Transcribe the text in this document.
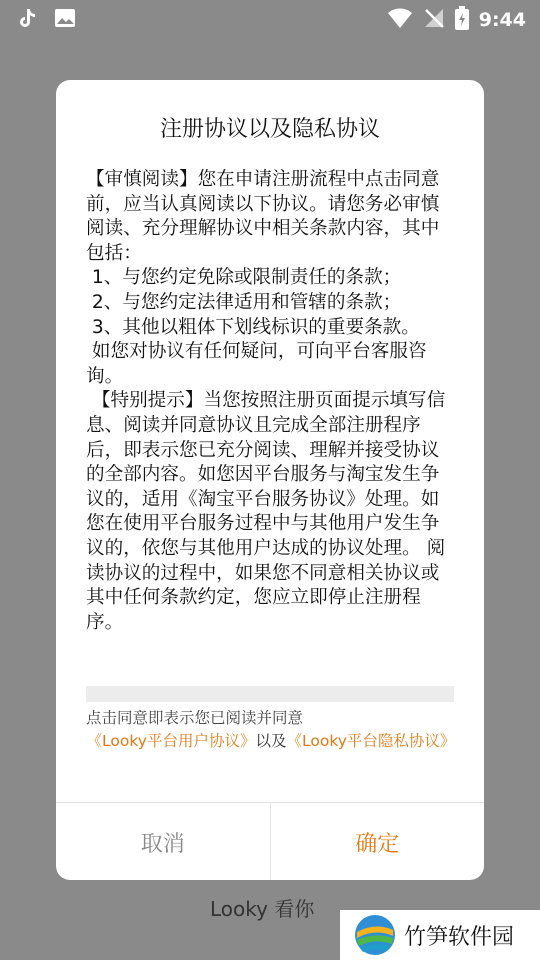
9:44
Looky 看你
注册协议以及隐私协议
【审慎阅读】您在申请注册流程中点击同意前，应当认真阅读以下协议。请您务必审慎阅读、充分理解协议中相关条款内容，其中包括：
1、与您约定免除或限制责任的条款；
2、与您约定法律适用和管辖的条款；
3、其他以粗体下划线标识的重要条款。
如您对协议有任何疑问，可向平台客服咨询。
【特别提示】当您按照注册页面提示填写信息、阅读并同意协议且完成全部注册程序后，即表示您已充分阅读、理解并接受协议的全部内容。如您因平台服务与淘宝发生争议的，适用《淘宝平台服务协议》处理。如您在使用平台服务过程中与其他用户发生争议的，依您与其他用户达成的协议处理。 阅读协议的过程中，如果您不同意相关协议或其中任何条款约定，您应立即停止注册程序。
点击同意即表示您已阅读并同意
《Looky平台用户协议》以及《Looky平台隐私协议》
取消	确定
竹笋软件园
